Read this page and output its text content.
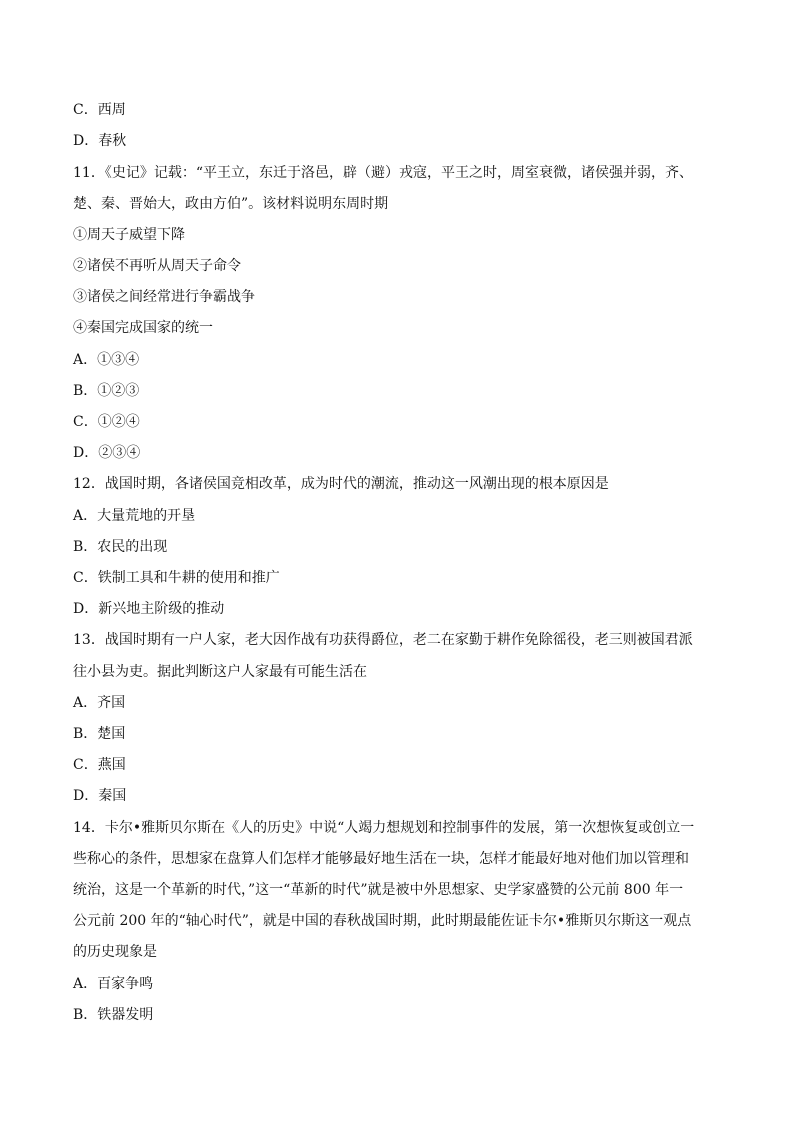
C．西周

D．春秋

11．《史记》记载：“平王立，东迁于洛邑，辟（避）戎寇，平王之时，周室衰微，诸侯强并弱，齐、

楚、秦、晋始大，政由方伯”。该材料说明东周时期

①周天子威望下降

②诸侯不再听从周天子命令

③诸侯之间经常进行争霸战争

④秦国完成国家的统一

A．①③④

B．①②③

C．①②④

D．②③④

12．战国时期，各诸侯国竞相改革，成为时代的潮流，推动这一风潮出现的根本原因是

A．大量荒地的开垦

B．农民的出现

C．铁制工具和牛耕的使用和推广

D．新兴地主阶级的推动

13．战国时期有一户人家，老大因作战有功获得爵位，老二在家勤于耕作免除徭役，老三则被国君派

往小县为吏。据此判断这户人家最有可能生活在

A．齐国

B．楚国

C．燕国

D．秦国

14．卡尔•雅斯贝尔斯在《人的历史》中说“人竭力想规划和控制事件的发展，第一次想恢复或创立一

些称心的条件，思想家在盘算人们怎样才能够最好地生活在一块，怎样才能最好地对他们加以管理和

统治，这是一个革新的时代，”这一“革新的时代”就是被中外思想家、史学家盛赞的公元前 800 年一

公元前 200 年的“轴心时代”，就是中国的春秋战国时期，此时期最能佐证卡尔•雅斯贝尔斯这一观点

的历史现象是

A．百家争鸣

B．铁器发明
